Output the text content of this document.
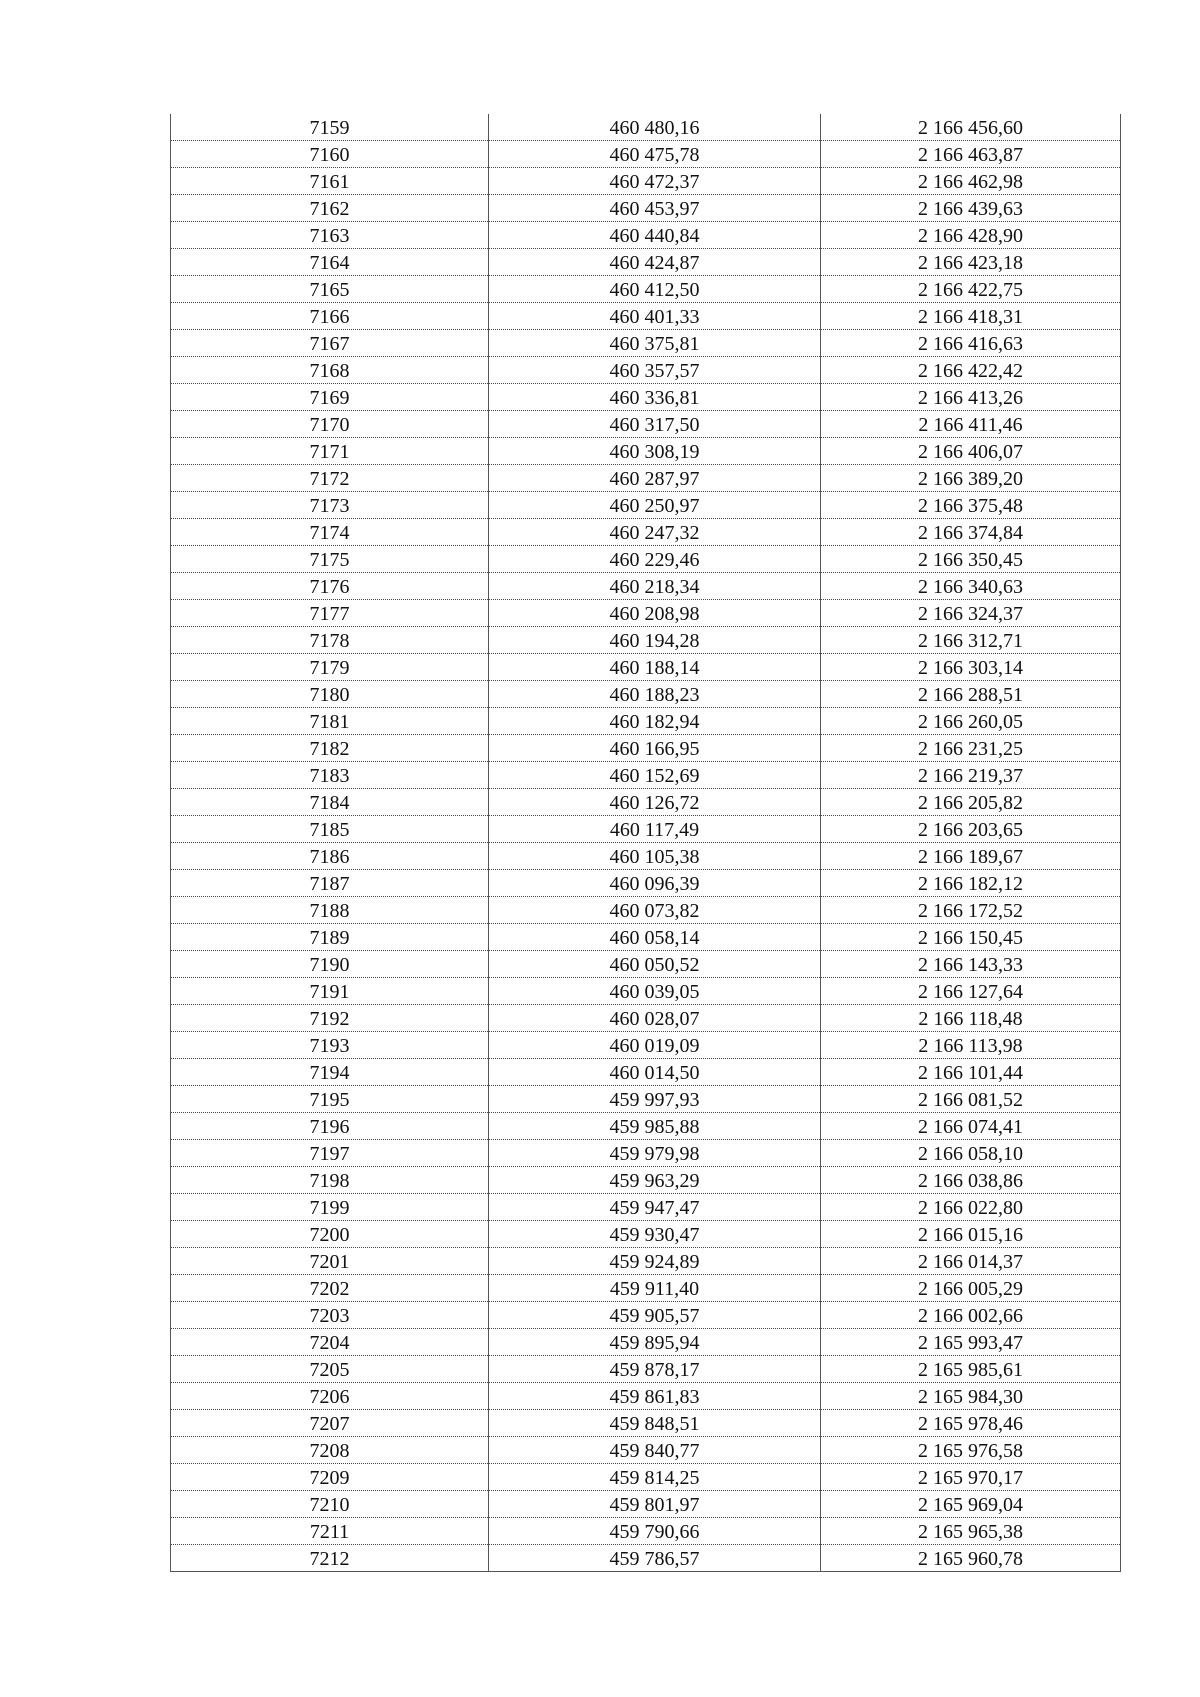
7159	460 480,16	2 166 456,60
7160	460 475,78	2 166 463,87
7161	460 472,37	2 166 462,98
7162	460 453,97	2 166 439,63
7163	460 440,84	2 166 428,90
7164	460 424,87	2 166 423,18
7165	460 412,50	2 166 422,75
7166	460 401,33	2 166 418,31
7167	460 375,81	2 166 416,63
7168	460 357,57	2 166 422,42
7169	460 336,81	2 166 413,26
7170	460 317,50	2 166 411,46
7171	460 308,19	2 166 406,07
7172	460 287,97	2 166 389,20
7173	460 250,97	2 166 375,48
7174	460 247,32	2 166 374,84
7175	460 229,46	2 166 350,45
7176	460 218,34	2 166 340,63
7177	460 208,98	2 166 324,37
7178	460 194,28	2 166 312,71
7179	460 188,14	2 166 303,14
7180	460 188,23	2 166 288,51
7181	460 182,94	2 166 260,05
7182	460 166,95	2 166 231,25
7183	460 152,69	2 166 219,37
7184	460 126,72	2 166 205,82
7185	460 117,49	2 166 203,65
7186	460 105,38	2 166 189,67
7187	460 096,39	2 166 182,12
7188	460 073,82	2 166 172,52
7189	460 058,14	2 166 150,45
7190	460 050,52	2 166 143,33
7191	460 039,05	2 166 127,64
7192	460 028,07	2 166 118,48
7193	460 019,09	2 166 113,98
7194	460 014,50	2 166 101,44
7195	459 997,93	2 166 081,52
7196	459 985,88	2 166 074,41
7197	459 979,98	2 166 058,10
7198	459 963,29	2 166 038,86
7199	459 947,47	2 166 022,80
7200	459 930,47	2 166 015,16
7201	459 924,89	2 166 014,37
7202	459 911,40	2 166 005,29
7203	459 905,57	2 166 002,66
7204	459 895,94	2 165 993,47
7205	459 878,17	2 165 985,61
7206	459 861,83	2 165 984,30
7207	459 848,51	2 165 978,46
7208	459 840,77	2 165 976,58
7209	459 814,25	2 165 970,17
7210	459 801,97	2 165 969,04
7211	459 790,66	2 165 965,38
7212	459 786,57	2 165 960,78
